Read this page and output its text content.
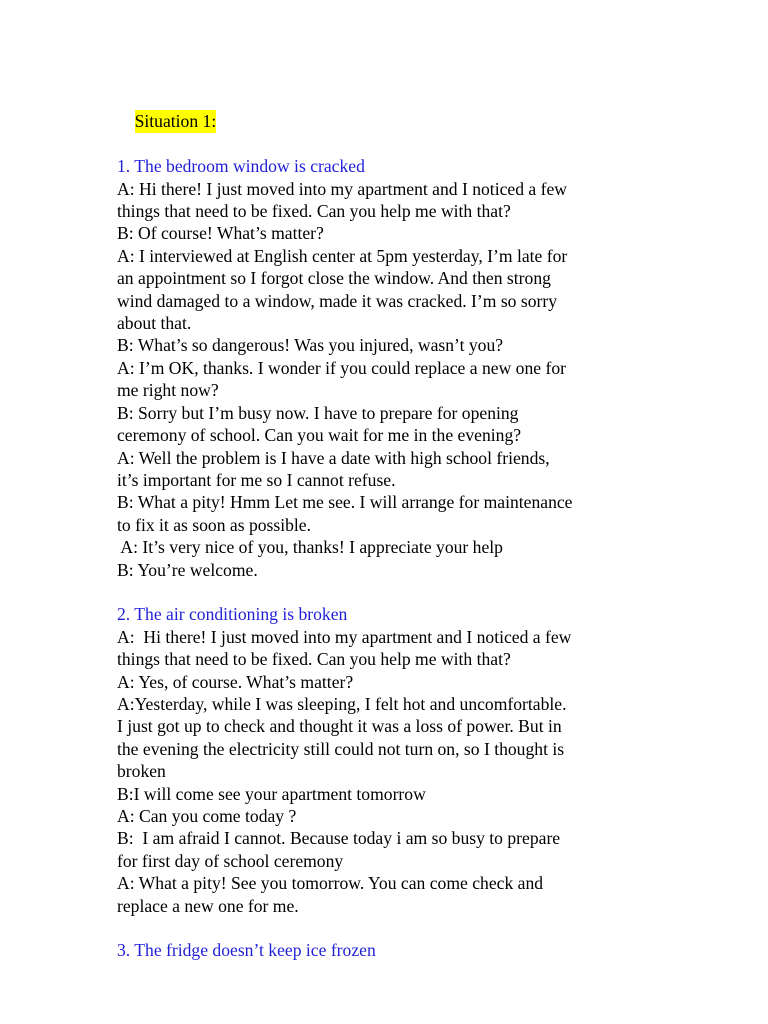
Situation 1:

1. The bedroom window is cracked
A: Hi there! I just moved into my apartment and I noticed a few
things that need to be fixed. Can you help me with that?
B: Of course! What’s matter?
A: I interviewed at English center at 5pm yesterday, I’m late for
an appointment so I forgot close the window. And then strong
wind damaged to a window, made it was cracked. I’m so sorry
about that.
B: What’s so dangerous! Was you injured, wasn’t you?
A: I’m OK, thanks. I wonder if you could replace a new one for
me right now?
B: Sorry but I’m busy now. I have to prepare for opening
ceremony of school. Can you wait for me in the evening?
A: Well the problem is I have a date with high school friends,
it’s important for me so I cannot refuse.
B: What a pity! Hmm Let me see. I will arrange for maintenance
to fix it as soon as possible.
A: It’s very nice of you, thanks! I appreciate your help
B: You’re welcome.
2. The air conditioning is broken
A:  Hi there! I just moved into my apartment and I noticed a few
things that need to be fixed. Can you help me with that?
A: Yes, of course. What’s matter?
A:Yesterday, while I was sleeping, I felt hot and uncomfortable.
I just got up to check and thought it was a loss of power. But in
the evening the electricity still could not turn on, so I thought is
broken
B:I will come see your apartment tomorrow
A: Can you come today ?
B:  I am afraid I cannot. Because today i am so busy to prepare
for first day of school ceremony
A: What a pity! See you tomorrow. You can come check and
replace a new one for me.
3. The fridge doesn’t keep ice frozen
